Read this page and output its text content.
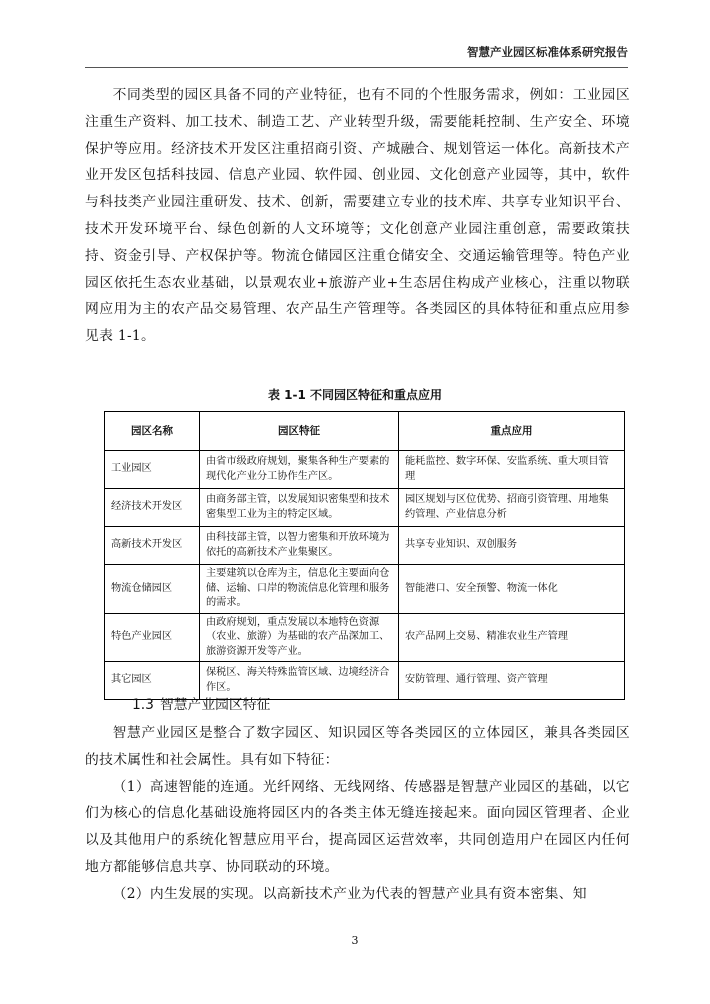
智慧产业园区标准体系研究报告
不同类型的园区具备不同的产业特征，也有不同的个性服务需求，例如：工业园区注重生产资料、加工技术、制造工艺、产业转型升级，需要能耗控制、生产安全、环境保护等应用。经济技术开发区注重招商引资、产城融合、规划管运一体化。高新技术产业开发区包括科技园、信息产业园、软件园、创业园、文化创意产业园等，其中，软件与科技类产业园注重研发、技术、创新，需要建立专业的技术库、共享专业知识平台、技术开发环境平台、绿色创新的人文环境等；文化创意产业园注重创意，需要政策扶持、资金引导、产权保护等。物流仓储园区注重仓储安全、交通运输管理等。特色产业园区依托生态农业基础，以景观农业+旅游产业+生态居住构成产业核心，注重以物联网应用为主的农产品交易管理、农产品生产管理等。各类园区的具体特征和重点应用参见表 1-1。
表 1-1 不同园区特征和重点应用
园区名称	园区特征	重点应用
工业园区	由省市级政府规划，聚集各种生产要素的现代化产业分工协作生产区。	能耗监控、数字环保、安监系统、重大项目管理
经济技术开发区	由商务部主管，以发展知识密集型和技术密集型工业为主的特定区域。	园区规划与区位优势、招商引资管理、用地集约管理、产业信息分析
高新技术开发区	由科技部主管，以智力密集和开放环境为依托的高新技术产业集聚区。	共享专业知识、双创服务
物流仓储园区	主要建筑以仓库为主，信息化主要面向仓储、运输、口岸的物流信息化管理和服务的需求。	智能港口、安全预警、物流一体化
特色产业园区	由政府规划，重点发展以本地特色资源（农业、旅游）为基础的农产品深加工、旅游资源开发等产业。	农产品网上交易、精准农业生产管理
其它园区	保税区、海关特殊监管区域、边境经济合作区。	安防管理、通行管理、资产管理
1.3 智慧产业园区特征
智慧产业园区是整合了数字园区、知识园区等各类园区的立体园区，兼具各类园区的技术属性和社会属性。具有如下特征：
（1）高速智能的连通。光纤网络、无线网络、传感器是智慧产业园区的基础，以它们为核心的信息化基础设施将园区内的各类主体无缝连接起来。面向园区管理者、企业以及其他用户的系统化智慧应用平台，提高园区运营效率，共同创造用户在园区内任何地方都能够信息共享、协同联动的环境。
（2）内生发展的实现。以高新技术产业为代表的智慧产业具有资本密集、知
3
